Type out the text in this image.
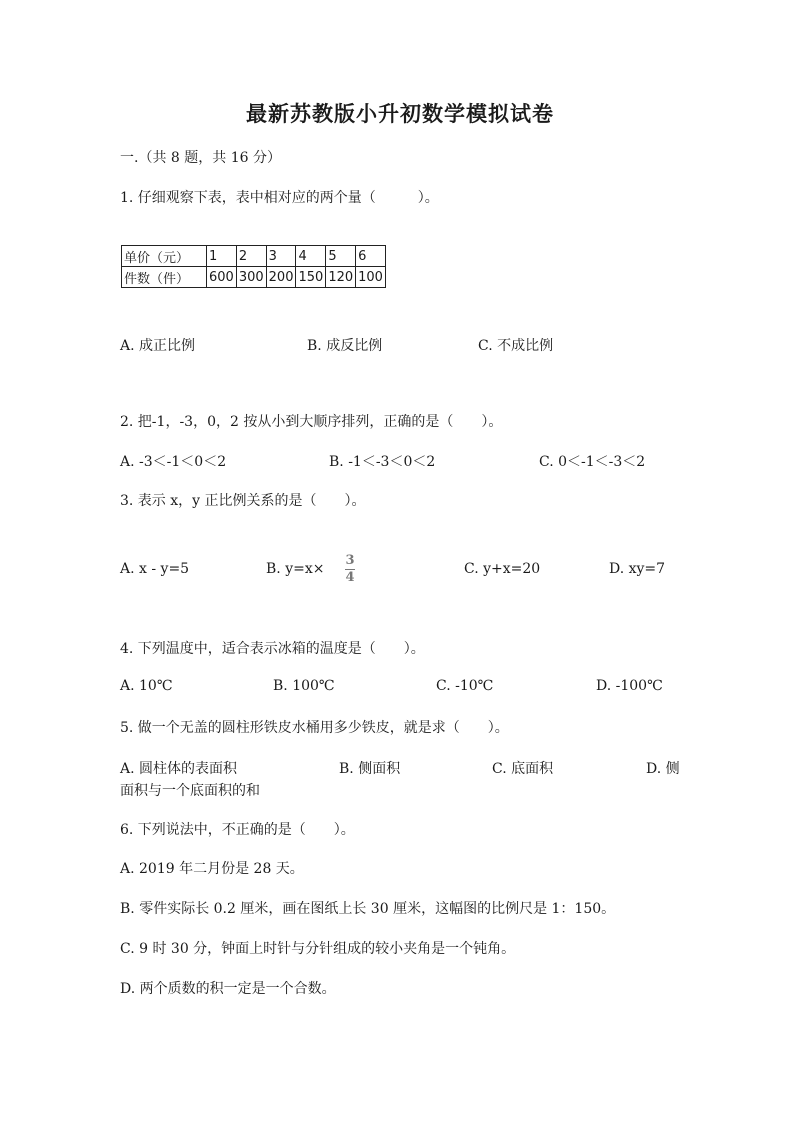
最新苏教版小升初数学模拟试卷
一.（共 8 题，共 16 分）
1. 仔细观察下表，表中相对应的两个量（　　　）。
单价（元）	1	2	3	4	5	6
件数（件）	600	300	200	150	120	100
A. 成正比例	B. 成反比例	C. 不成比例
2. 把-1，-3，0，2 按从小到大顺序排列，正确的是（　　）。
A. -3＜-1＜0＜2	B. -1＜-3＜0＜2	C. 0＜-1＜-3＜2
3. 表示 x，y 正比例关系的是（　　）。
A. x - y=5	B. $y=x\times \frac{3}{4}$	C. y+x=20	D. xy=7
4. 下列温度中，适合表示冰箱的温度是（　　）。
A. 10℃	B. 100℃	C. -10℃	D. -100℃
5. 做一个无盖的圆柱形铁皮水桶用多少铁皮，就是求（　　）。
A. 圆柱体的表面积	B. 侧面积	C. 底面积	D. 侧
面积与一个底面积的和
6. 下列说法中，不正确的是（　　）。
A. 2019 年二月份是 28 天。
B. 零件实际长 0.2 厘米，画在图纸上长 30 厘米，这幅图的比例尺是 1：150。
C. 9 时 30 分，钟面上时针与分针组成的较小夹角是一个钝角。
D. 两个质数的积一定是一个合数。
